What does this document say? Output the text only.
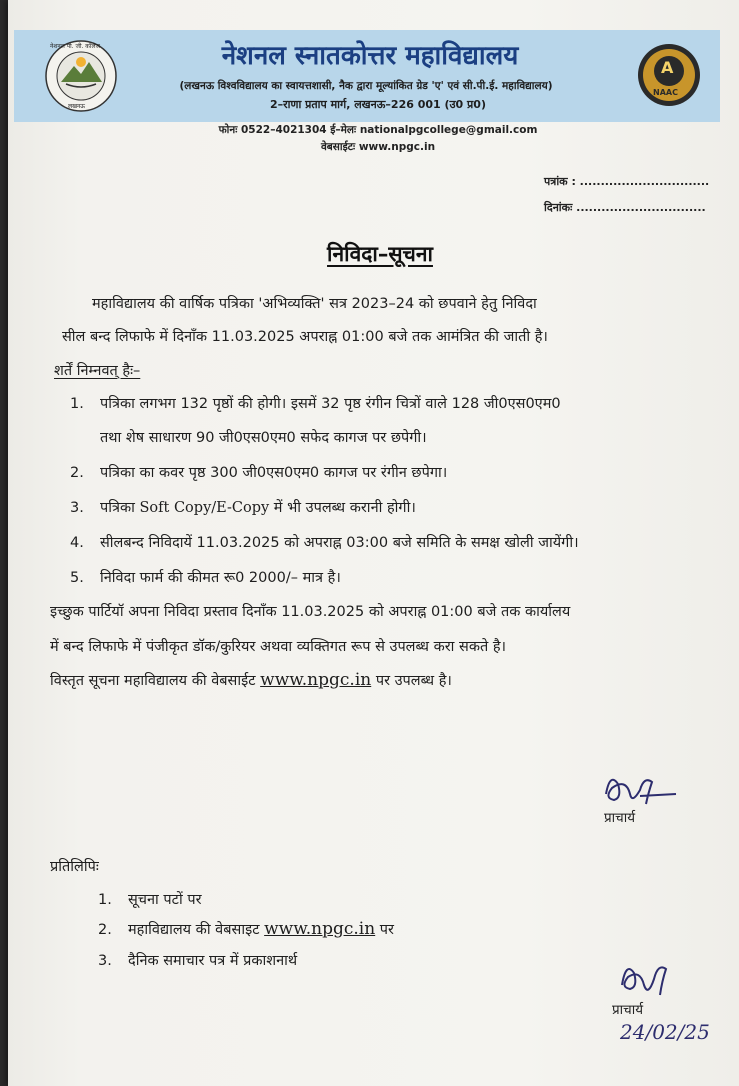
नेशनल पी. जी. कॉलेज
लखनऊ
नेशनल स्नातकोत्तर महाविद्यालय
(लखनऊ विश्वविद्यालय का स्वायत्तशासी, नैक द्वारा मूल्यांकित ग्रेड 'ए' एवं सी.पी.ई. महाविद्यालय)
2–राणा प्रताप मार्ग, लखनऊ–226 001 (उ0 प्र0)
A
NAAC
फोनः 0522–4021304 ई–मेलः nationalpgcollege@gmail.com
वेबसाईटः www.npgc.in
पत्रांक : ...............................
दिनांकः ...............................
निविदा–सूचना
महाविद्यालय की वार्षिक पत्रिका 'अभिव्यक्ति' सत्र 2023–24 को छपवाने हेतु निविदा
सील बन्द लिफाफे में दिनाँक 11.03.2025 अपराह्न 01:00 बजे तक आमंत्रित की जाती है।
शर्तें निम्नवत् हैः–
1. पत्रिका लगभग 132 पृष्ठों की होगी। इसमें 32 पृष्ठ रंगीन चित्रों वाले 128 जी0एस0एम0
तथा शेष साधारण 90 जी0एस0एम0 सफेद कागज पर छपेगी।
2. पत्रिका का कवर पृष्ठ 300 जी0एस0एम0 कागज पर रंगीन छपेगा।
3. पत्रिका Soft Copy/E-Copy में भी उपलब्ध करानी होगी।
4. सीलबन्द निविदायें 11.03.2025 को अपराह्न 03:00 बजे समिति के समक्ष खोली जायेंगी।
5. निविदा फार्म की कीमत रू0 2000/– मात्र है।
इच्छुक पार्टियॉ अपना निविदा प्रस्ताव दिनाँक 11.03.2025 को अपराह्न 01:00 बजे तक कार्यालय
में बन्द लिफाफे में पंजीकृत डॉक/कुरियर अथवा व्यक्तिगत रूप से उपलब्ध करा सकते है।
विस्तृत सूचना महाविद्यालय की वेबसाईट www.npgc.in पर उपलब्ध है।
प्राचार्य
प्रतिलिपिः
1. सूचना पटों पर
2. महाविद्यालय की वेबसाइट www.npgc.in पर
3. दैनिक समाचार पत्र में प्रकाशनार्थ
प्राचार्य
24/02/25
